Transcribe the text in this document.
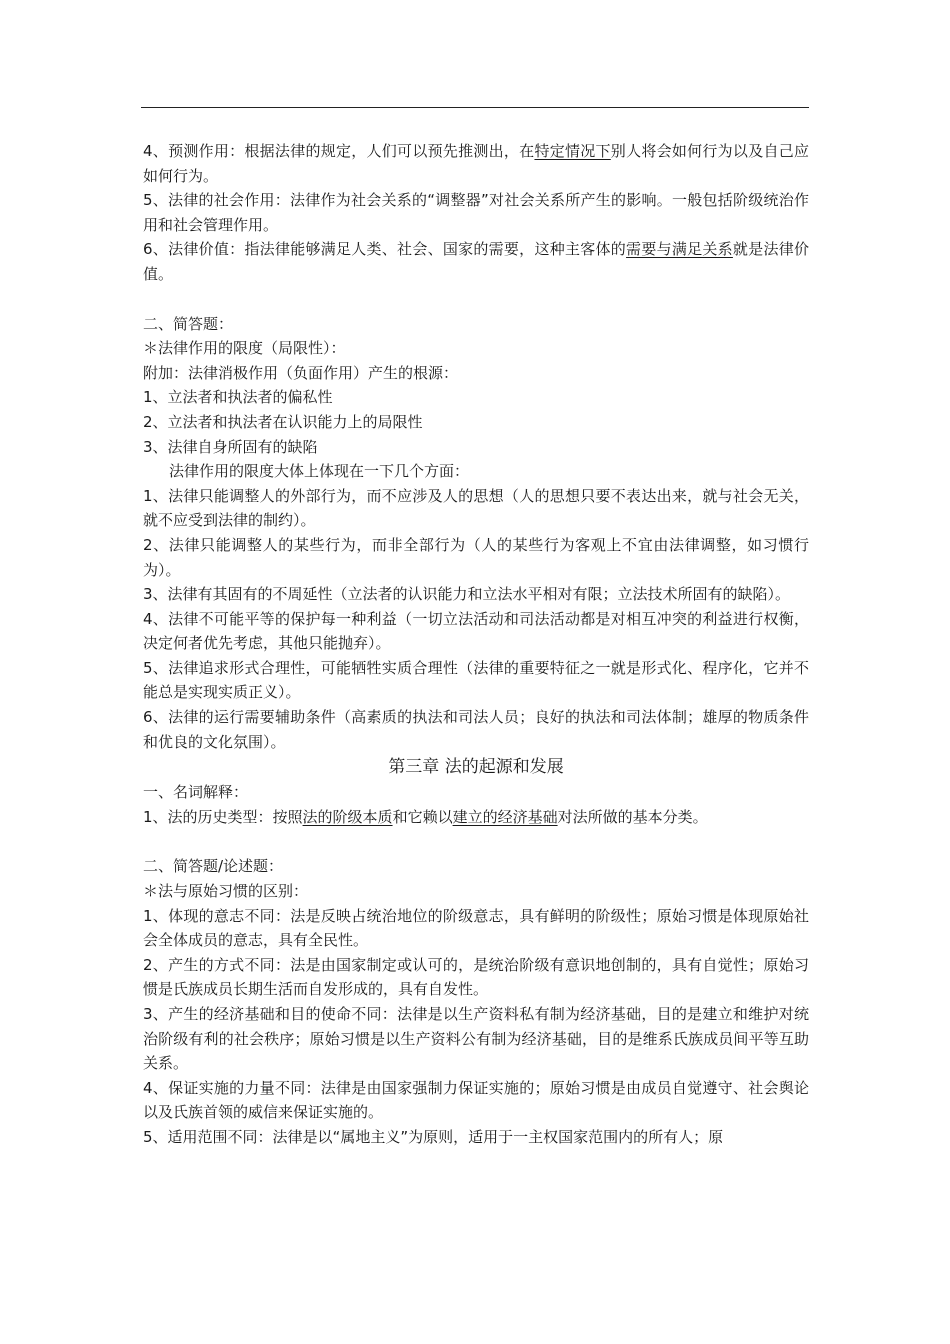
4、预测作用：根据法律的规定，人们可以预先推测出，在特定情况下别人将会如何行为以及自己应如何行为。

5、法律的社会作用：法律作为社会关系的“调整器”对社会关系所产生的影响。一般包括阶级统治作用和社会管理作用。

6、法律价值：指法律能够满足人类、社会、国家的需要，这种主客体的需要与满足关系就是法律价值。

二、简答题：

＊法律作用的限度（局限性）：

附加：法律消极作用（负面作用）产生的根源：

1、立法者和执法者的偏私性

2、立法者和执法者在认识能力上的局限性

3、法律自身所固有的缺陷

法律作用的限度大体上体现在一下几个方面：

1、法律只能调整人的外部行为，而不应涉及人的思想（人的思想只要不表达出来，就与社会无关，就不应受到法律的制约）。

2、法律只能调整人的某些行为，而非全部行为（人的某些行为客观上不宜由法律调整，如习惯行为）。

3、法律有其固有的不周延性（立法者的认识能力和立法水平相对有限；立法技术所固有的缺陷）。

4、法律不可能平等的保护每一种利益（一切立法活动和司法活动都是对相互冲突的利益进行权衡，决定何者优先考虑，其他只能抛弃）。

5、法律追求形式合理性，可能牺牲实质合理性（法律的重要特征之一就是形式化、程序化，它并不能总是实现实质正义）。

6、法律的运行需要辅助条件（高素质的执法和司法人员；良好的执法和司法体制；雄厚的物质条件和优良的文化氛围）。

第三章 法的起源和发展

一、名词解释：

1、法的历史类型：按照法的阶级本质和它赖以建立的经济基础对法所做的基本分类。

二、简答题/论述题：

＊法与原始习惯的区别：

1、体现的意志不同：法是反映占统治地位的阶级意志，具有鲜明的阶级性；原始习惯是体现原始社会全体成员的意志，具有全民性。

2、产生的方式不同：法是由国家制定或认可的，是统治阶级有意识地创制的，具有自觉性；原始习惯是氏族成员长期生活而自发形成的，具有自发性。

3、产生的经济基础和目的使命不同：法律是以生产资料私有制为经济基础，目的是建立和维护对统治阶级有利的社会秩序；原始习惯是以生产资料公有制为经济基础，目的是维系氏族成员间平等互助关系。

4、保证实施的力量不同：法律是由国家强制力保证实施的；原始习惯是由成员自觉遵守、社会舆论以及氏族首领的威信来保证实施的。

5、适用范围不同：法律是以“属地主义”为原则，适用于一主权国家范围内的所有人；原
